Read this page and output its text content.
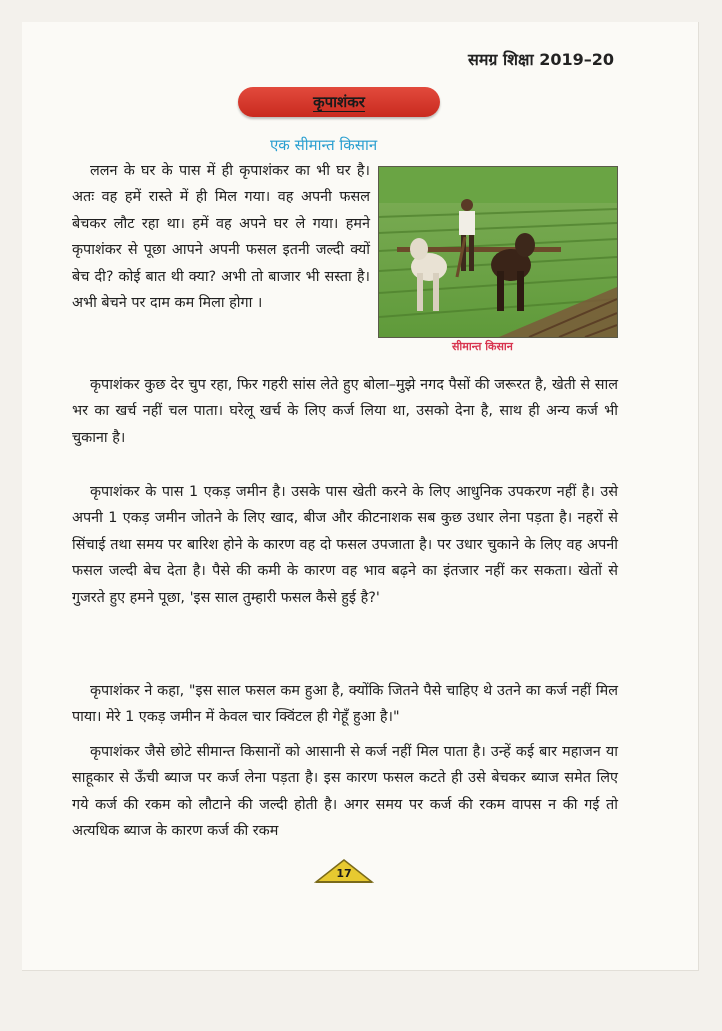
समग्र शिक्षा 2019–20
कृपाशंकर
एक सीमान्त किसान
सीमान्त किसान

ललन के घर के पास में ही कृपाशंकर का भी घर है। अतः वह हमें रास्ते में ही मिल गया। वह अपनी फसल बेचकर लौट रहा था। हमें वह अपने घर ले गया। हमने कृपाशंकर से पूछा आपने अपनी फसल इतनी जल्दी क्यों बेच दी? कोई बात थी क्या? अभी तो बाजार भी सस्ता है। अभी बेचने पर दाम कम मिला होगा ।

कृपाशंकर कुछ देर चुप रहा, फिर गहरी सांस लेते हुए बोला–मुझे नगद पैसों की जरूरत है, खेती से साल भर का खर्च नहीं चल पाता। घरेलू खर्च के लिए कर्ज लिया था, उसको देना है, साथ ही अन्य कर्ज भी चुकाना है।

कृपाशंकर के पास 1 एकड़ जमीन है। उसके पास खेती करने के लिए आधुनिक उपकरण नहीं है। उसे अपनी 1 एकड़ जमीन जोतने के लिए खाद, बीज और कीटनाशक सब कुछ उधार लेना पड़ता है। नहरों से सिंचाई तथा समय पर बारिश होने के कारण वह दो फसल उपजाता है। पर उधार चुकाने के लिए वह अपनी फसल जल्दी बेच देता है। पैसे की कमी के कारण वह भाव बढ़ने का इंतजार नहीं कर सकता। खेतों से गुजरते हुए हमने पूछा, 'इस साल तुम्हारी फसल कैसे हुई है?'

कृपाशंकर ने कहा, "इस साल फसल कम हुआ है, क्योंकि जितने पैसे चाहिए थे उतने का कर्ज नहीं मिल पाया। मेरे 1 एकड़ जमीन में केवल चार क्विंटल ही गेहूँ हुआ है।"

कृपाशंकर जैसे छोटे सीमान्त किसानों को आसानी से कर्ज नहीं मिल पाता है। उन्हें कई बार महाजन या साहूकार से ऊँची ब्याज पर कर्ज लेना पड़ता है। इस कारण फसल कटते ही उसे बेचकर ब्याज समेत लिए गये कर्ज की रकम को लौटाने की जल्दी होती है। अगर समय पर कर्ज की रकम वापस न की गई तो अत्यधिक ब्याज के कारण कर्ज की रकम

17
